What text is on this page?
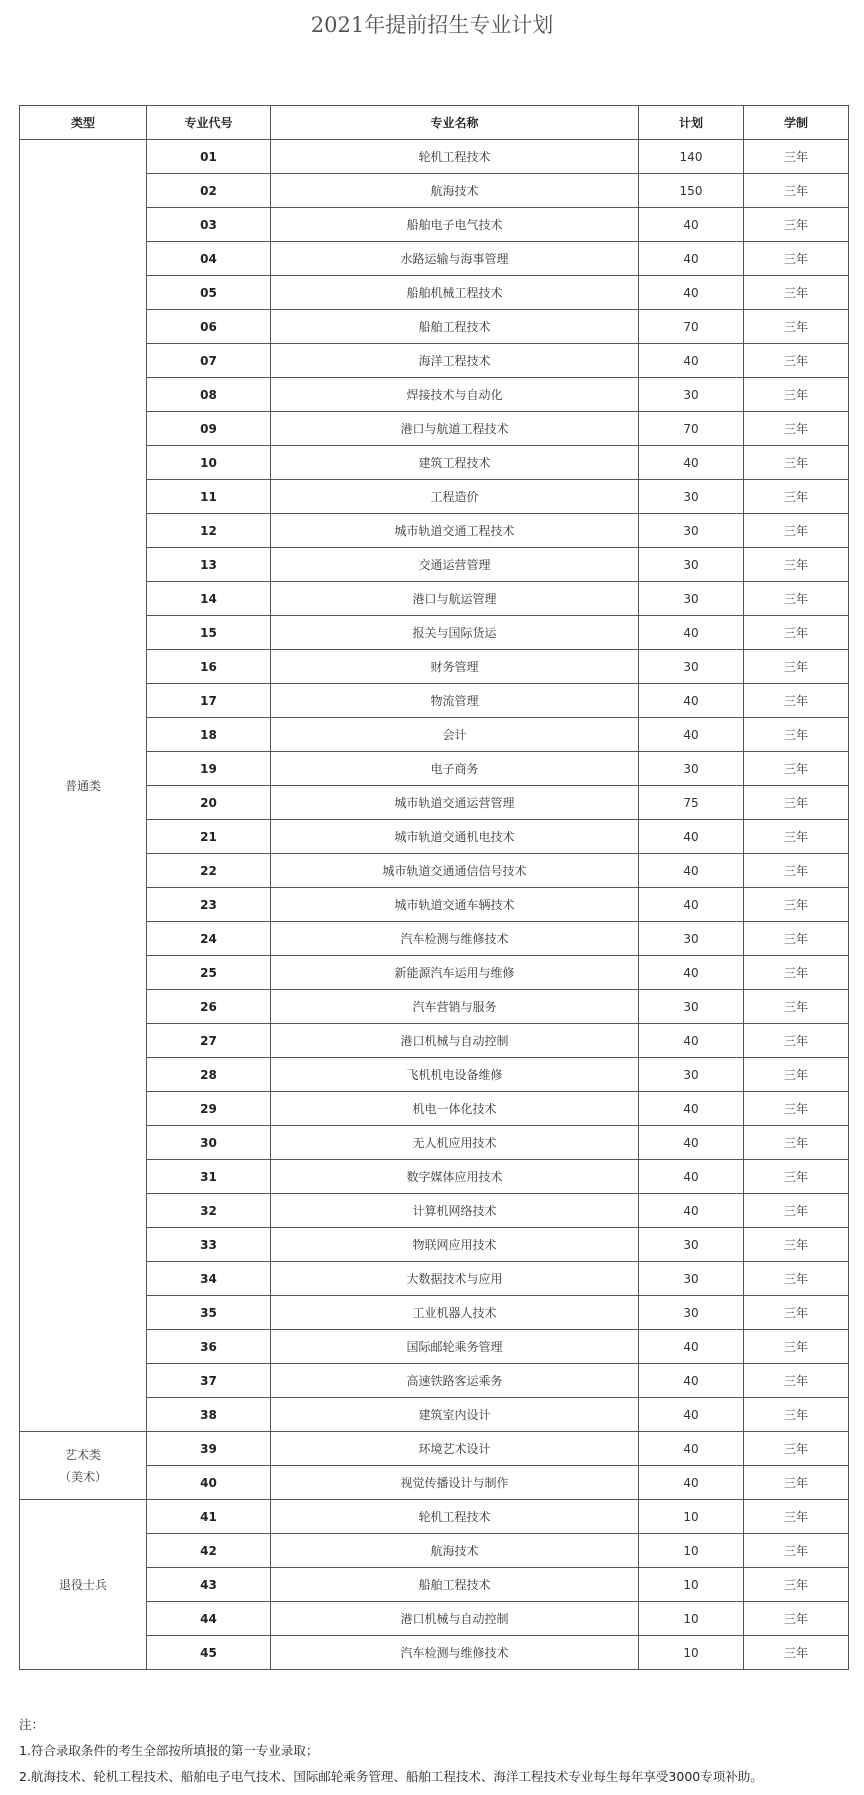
2021年提前招生专业计划
类型	专业代号	专业名称	计划	学制

普通类	01	轮机工程技术	140	三年
	02	航海技术	150	三年
	03	船舶电子电气技术	40	三年
	04	水路运输与海事管理	40	三年
	05	船舶机械工程技术	40	三年
	06	船舶工程技术	70	三年
	07	海洋工程技术	40	三年
	08	焊接技术与自动化	30	三年
	09	港口与航道工程技术	70	三年
	10	建筑工程技术	40	三年
	11	工程造价	30	三年
	12	城市轨道交通工程技术	30	三年
	13	交通运营管理	30	三年
	14	港口与航运管理	30	三年
	15	报关与国际货运	40	三年
	16	财务管理	30	三年
	17	物流管理	40	三年
	18	会计	40	三年
	19	电子商务	30	三年
	20	城市轨道交通运营管理	75	三年
	21	城市轨道交通机电技术	40	三年
	22	城市轨道交通通信信号技术	40	三年
	23	城市轨道交通车辆技术	40	三年
	24	汽车检测与维修技术	30	三年
	25	新能源汽车运用与维修	40	三年
	26	汽车营销与服务	30	三年
	27	港口机械与自动控制	40	三年
	28	飞机机电设备维修	30	三年
	29	机电一体化技术	40	三年
	30	无人机应用技术	40	三年
	31	数字媒体应用技术	40	三年
	32	计算机网络技术	40	三年
	33	物联网应用技术	30	三年
	34	大数据技术与应用	30	三年
	35	工业机器人技术	30	三年
	36	国际邮轮乘务管理	40	三年
	37	高速铁路客运乘务	40	三年
	38	建筑室内设计	40	三年

艺术类
（美术）	39	环境艺术设计	40	三年
	40	视觉传播设计与制作	40	三年

退役士兵	41	轮机工程技术	10	三年
	42	航海技术	10	三年
	43	船舶工程技术	10	三年
	44	港口机械与自动控制	10	三年
	45	汽车检测与维修技术	10	三年
注：
1.符合录取条件的考生全部按所填报的第一专业录取；
2.航海技术、轮机工程技术、船舶电子电气技术、国际邮轮乘务管理、船舶工程技术、海洋工程技术专业每生每年享受3000专项补助。
